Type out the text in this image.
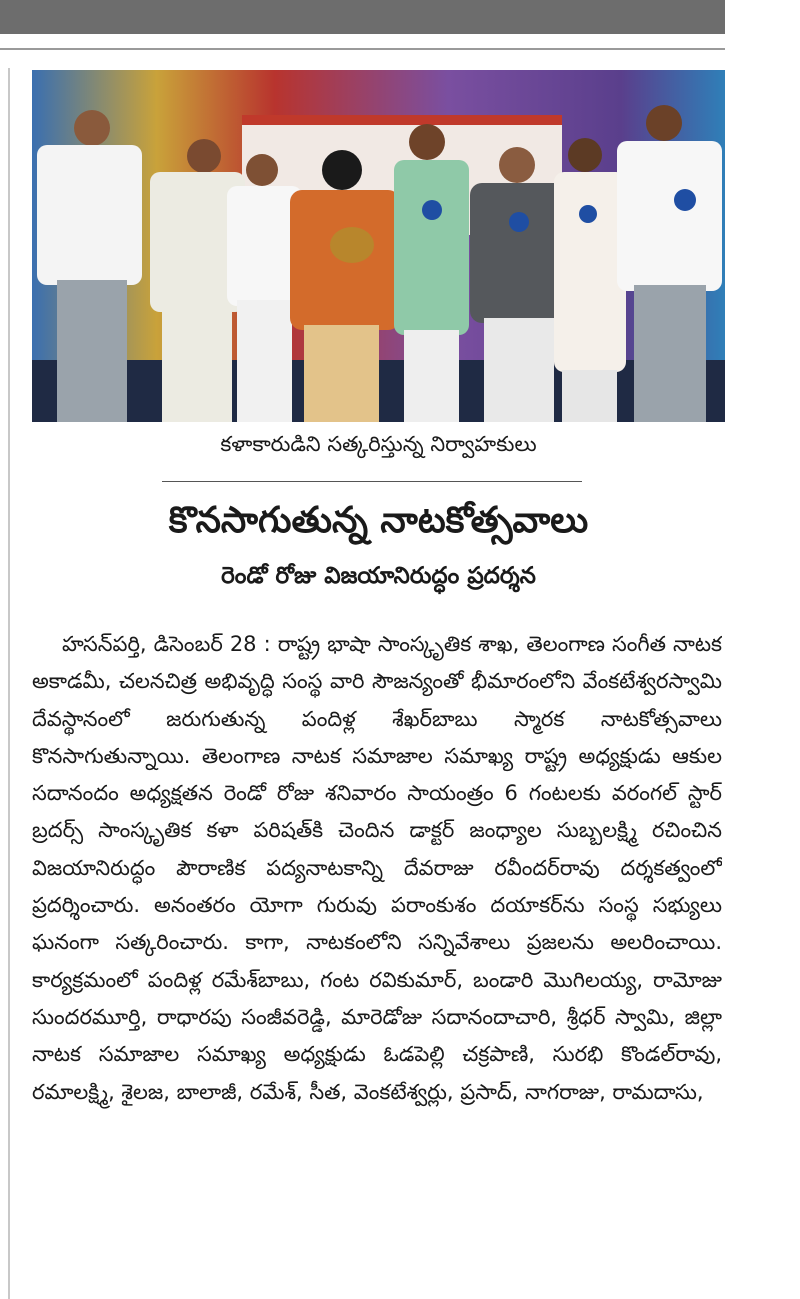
కళాకారుడిని సత్కరిస్తున్న నిర్వాహకులు
కొనసాగుతున్న నాటకోత్సవాలు
రెండో రోజు విజయానిరుద్ధం ప్రదర్శన
హసన్‌పర్తి, డిసెంబర్ 28 : రాష్ట్ర భాషా సాంస్కృతిక శాఖ, తెలంగాణ సంగీత నాటక అకాడమీ, చలనచిత్ర అభివృద్ధి సంస్థ వారి సౌజన్యంతో భీమారంలోని వేంకటేశ్వరస్వామి దేవస్థానంలో జరుగుతున్న పందిళ్ల శేఖర్‌బాబు స్మారక నాటకోత్సవాలు కొనసాగుతున్నాయి. తెలంగాణ నాటక సమాజాల సమాఖ్య రాష్ట్ర అధ్యక్షుడు ఆకుల సదానందం అధ్యక్షతన రెండో రోజు శనివారం సాయంత్రం 6 గంటలకు వరంగల్ స్టార్ బ్రదర్స్ సాంస్కృతిక కళా పరిషత్‌కి చెందిన డాక్టర్ జంధ్యాల సుబ్బలక్ష్మి రచించిన విజయానిరుద్ధం పౌరాణిక పద్యనాటకాన్ని దేవరాజు రవీందర్‌రావు దర్శకత్వంలో ప్రదర్శించారు. అనంతరం యోగా గురువు పరాంకుశం దయాకర్‌ను సంస్థ సభ్యులు ఘనంగా సత్కరించారు. కాగా, నాటకంలోని సన్నివేశాలు ప్రజలను అలరించాయి. కార్యక్రమంలో పందిళ్ల రమేశ్‌బాబు, గంట రవికుమార్, బండారి మొగిలయ్య, రామోజు సుందరమూర్తి, రాధారపు సంజీవరెడ్డి, మారెడోజు సదానందాచారి, శ్రీధర్ స్వామి, జిల్లా నాటక సమాజాల సమాఖ్య అధ్యక్షుడు ఓడపెల్లి చక్రపాణి, సురభి కొండల్‌రావు, రమాలక్ష్మి, శైలజ, బాలాజీ, రమేశ్, సీత, వెంకటేశ్వర్లు, ప్రసాద్, నాగరాజు, రామదాసు,
